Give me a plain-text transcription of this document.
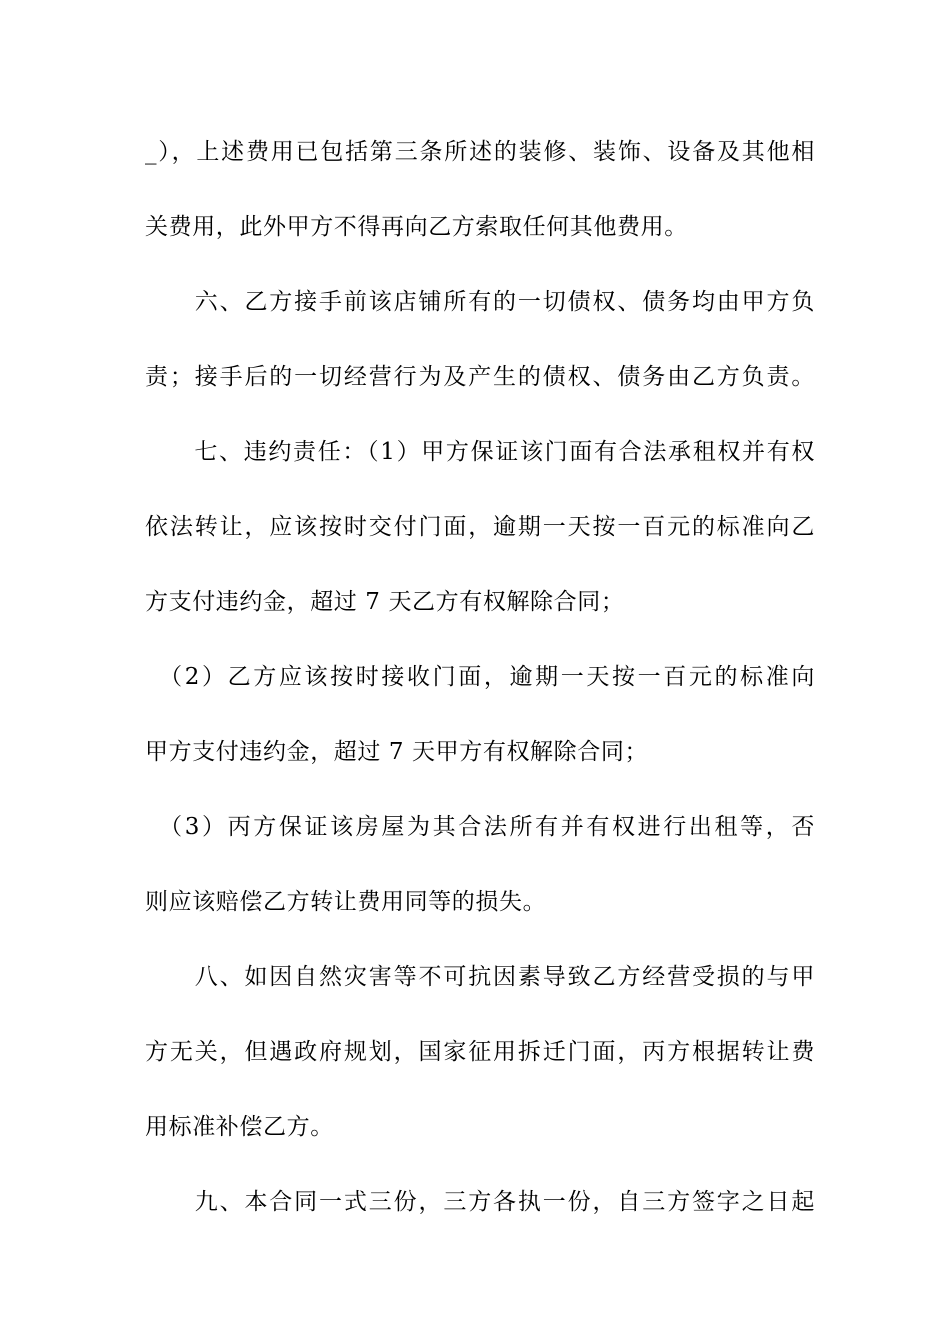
_），上述费用已包括第三条所述的装修、装饰、设备及其他相
关费用，此外甲方不得再向乙方索取任何其他费用。
　　六、乙方接手前该店铺所有的一切债权、债务均由甲方负
责；接手后的一切经营行为及产生的债权、债务由乙方负责。
　　七、违约责任：（1）甲方保证该门面有合法承租权并有权
依法转让，应该按时交付门面，逾期一天按一百元的标准向乙
方支付违约金，超过 7 天乙方有权解除合同；
　（2）乙方应该按时接收门面，逾期一天按一百元的标准向
甲方支付违约金，超过 7 天甲方有权解除合同；
　（3）丙方保证该房屋为其合法所有并有权进行出租等，否
则应该赔偿乙方转让费用同等的损失。
　　八、如因自然灾害等不可抗因素导致乙方经营受损的与甲
方无关，但遇政府规划，国家征用拆迁门面，丙方根据转让费
用标准补偿乙方。
　　九、本合同一式三份，三方各执一份，自三方签字之日起
